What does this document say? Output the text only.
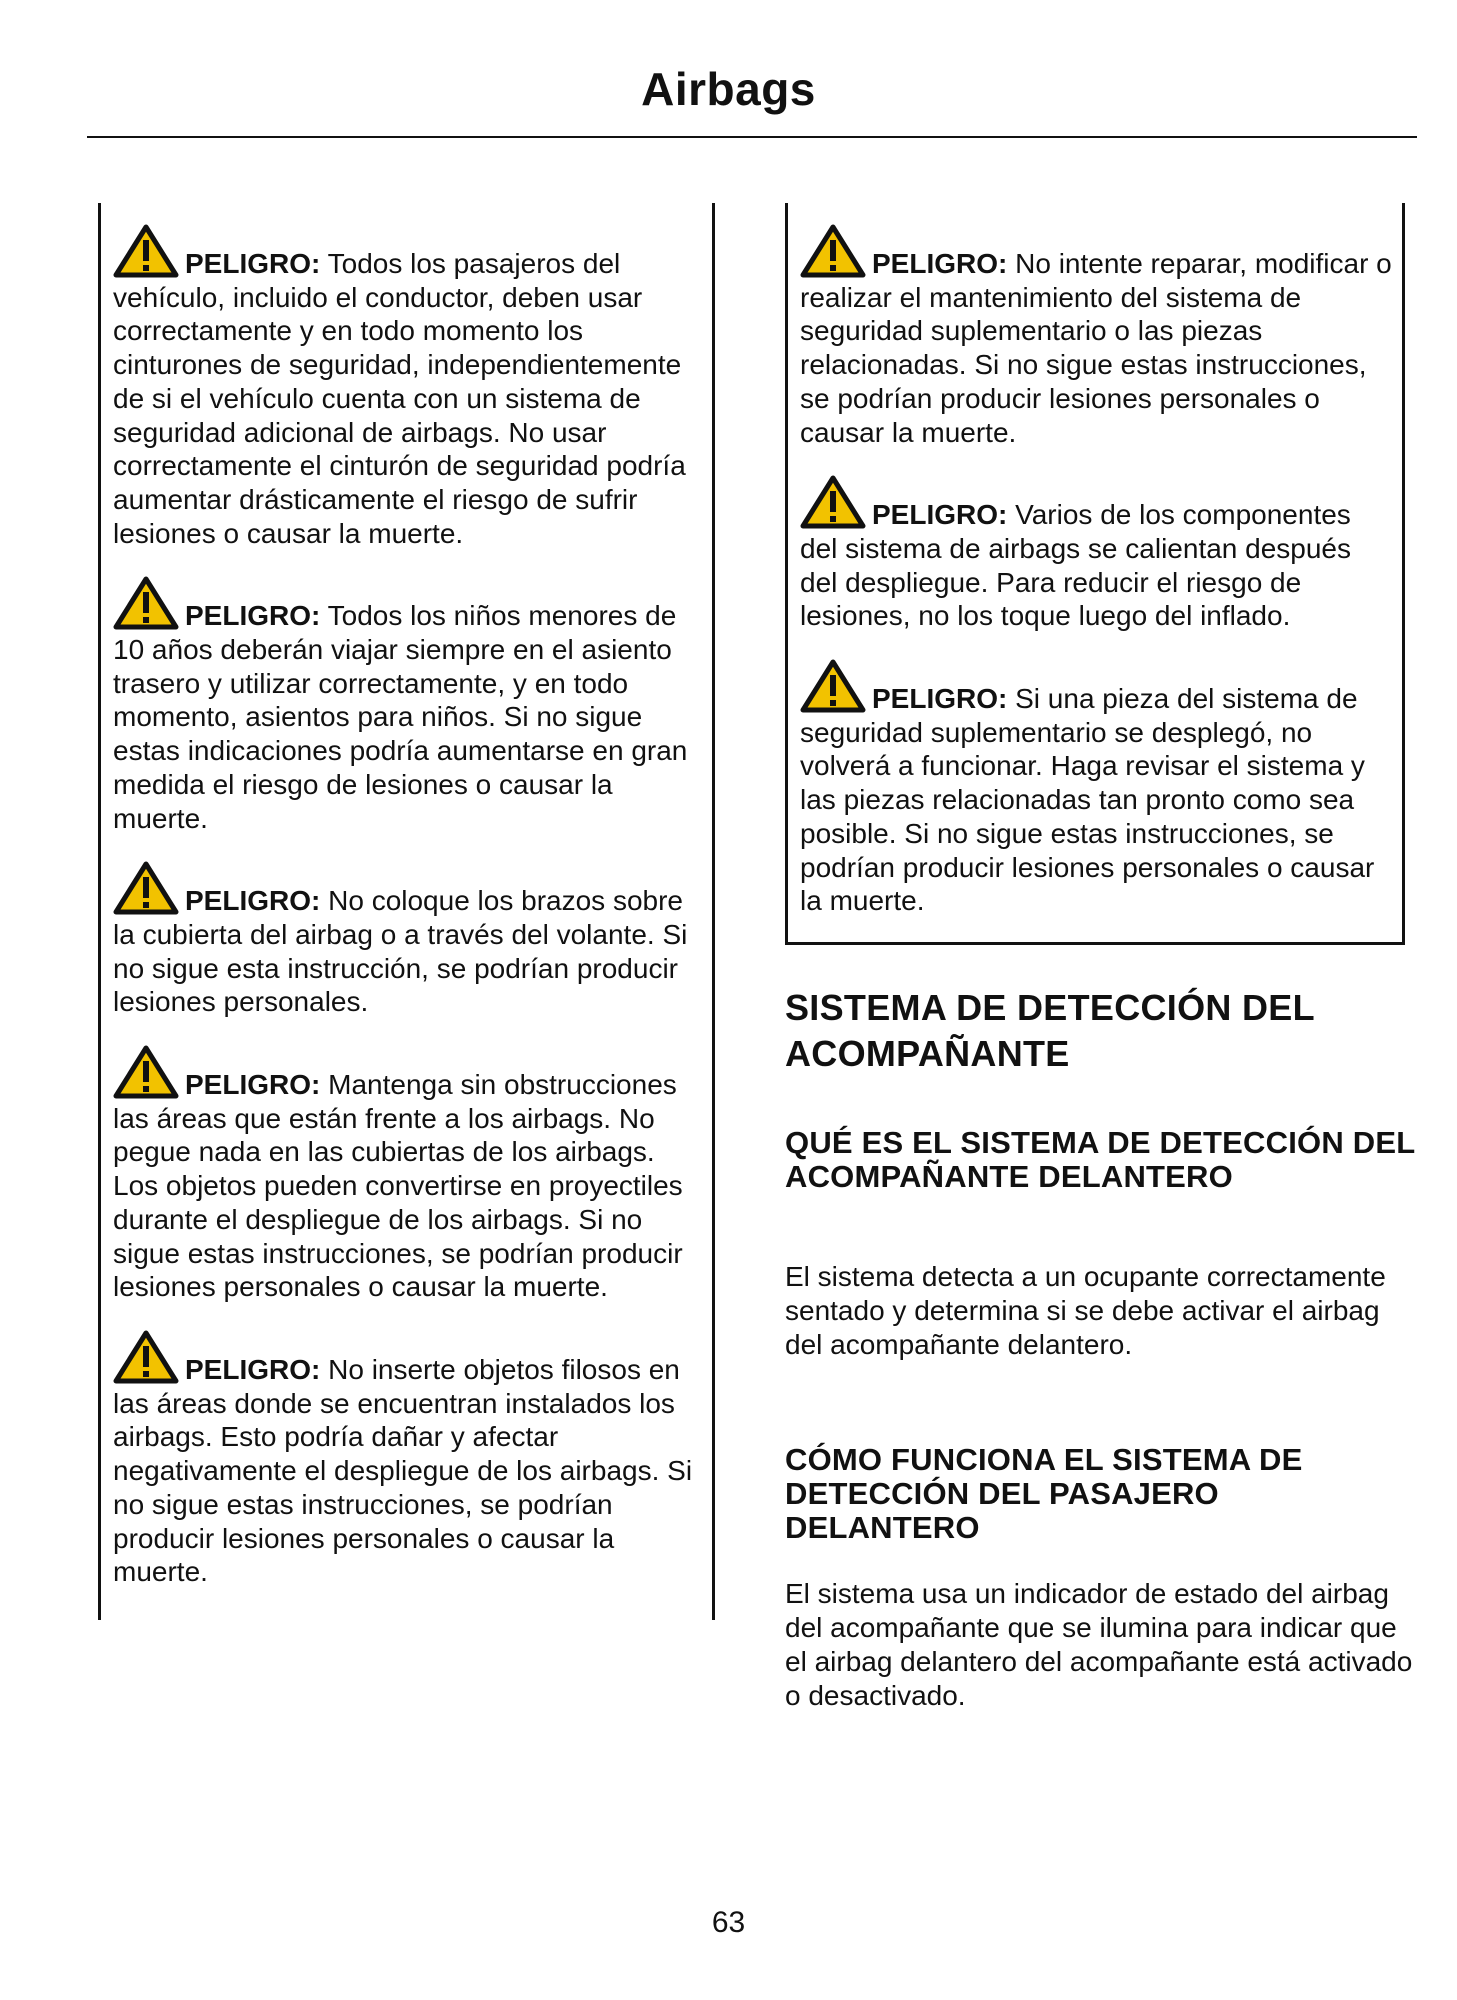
Airbags
PELIGRO: Todos los pasajeros del vehículo, incluido el conductor, deben usar correctamente y en todo momento los cinturones de seguridad, independientemente de si el vehículo cuenta con un sistema de seguridad adicional de airbags. No usar correctamente el cinturón de seguridad podría aumentar drásticamente el riesgo de sufrir lesiones o causar la muerte.
PELIGRO: Todos los niños menores de 10 años deberán viajar siempre en el asiento trasero y utilizar correctamente, y en todo momento, asientos para niños. Si no sigue estas indicaciones podría aumentarse en gran medida el riesgo de lesiones o causar la muerte.
PELIGRO: No coloque los brazos sobre la cubierta del airbag o a través del volante. Si no sigue esta instrucción, se podrían producir lesiones personales.
PELIGRO: Mantenga sin obstrucciones las áreas que están frente a los airbags. No pegue nada en las cubiertas de los airbags. Los objetos pueden convertirse en proyectiles durante el despliegue de los airbags. Si no sigue estas instrucciones, se podrían producir lesiones personales o causar la muerte.
PELIGRO: No inserte objetos filosos en las áreas donde se encuentran instalados los airbags. Esto podría dañar y afectar negativamente el despliegue de los airbags. Si no sigue estas instrucciones, se podrían producir lesiones personales o causar la muerte.
PELIGRO: No intente reparar, modificar o realizar el mantenimiento del sistema de seguridad suplementario o las piezas relacionadas. Si no sigue estas instrucciones, se podrían producir lesiones personales o causar la muerte.
PELIGRO: Varios de los componentes del sistema de airbags se calientan después del despliegue. Para reducir el riesgo de lesiones, no los toque luego del inflado.
PELIGRO: Si una pieza del sistema de seguridad suplementario se desplegó, no volverá a funcionar. Haga revisar el sistema y las piezas relacionadas tan pronto como sea posible. Si no sigue estas instrucciones, se podrían producir lesiones personales o causar la muerte.
SISTEMA DE DETECCIÓN DEL ACOMPAÑANTE
QUÉ ES EL SISTEMA DE DETECCIÓN DEL ACOMPAÑANTE DELANTERO
El sistema detecta a un ocupante correctamente sentado y determina si se debe activar el airbag del acompañante delantero.
CÓMO FUNCIONA EL SISTEMA DE DETECCIÓN DEL PASAJERO DELANTERO
El sistema usa un indicador de estado del airbag del acompañante que se ilumina para indicar que el airbag delantero del acompañante está activado o desactivado.
63
